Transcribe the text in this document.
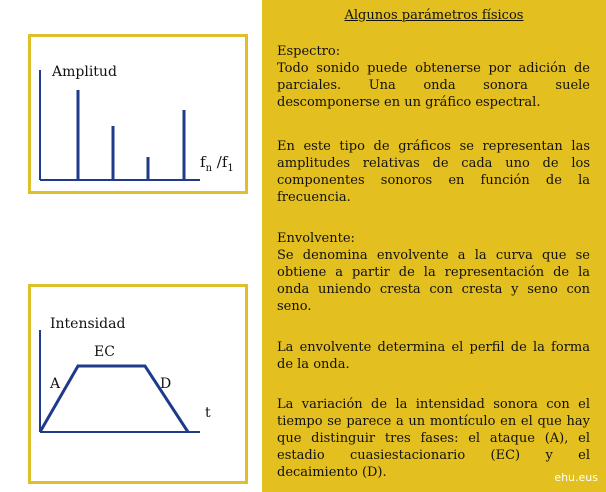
Algunos parámetros físicos
Amplitud
$f_n$ $/f_1$
Intensidad
EC
A	D
t
Espectro:
Todo sonido puede obtenerse por adición de parciales. Una onda sonora suele descomponerse en un gráfico espectral.
En este tipo de gráficos se representan las amplitudes relativas de cada uno de los componentes sonoros en función de la frecuencia.
Envolvente:
Se denomina envolvente a la curva que se obtiene a partir de la representación de la onda uniendo cresta con cresta y seno con seno.
La envolvente determina el perfil de la forma de la onda.
La variación de la intensidad sonora con el tiempo se parece a un montículo en el que hay que distinguir tres fases: el ataque (A), el estadio cuasiestacionario (EC) y el decaimiento (D).	ehu.eus
